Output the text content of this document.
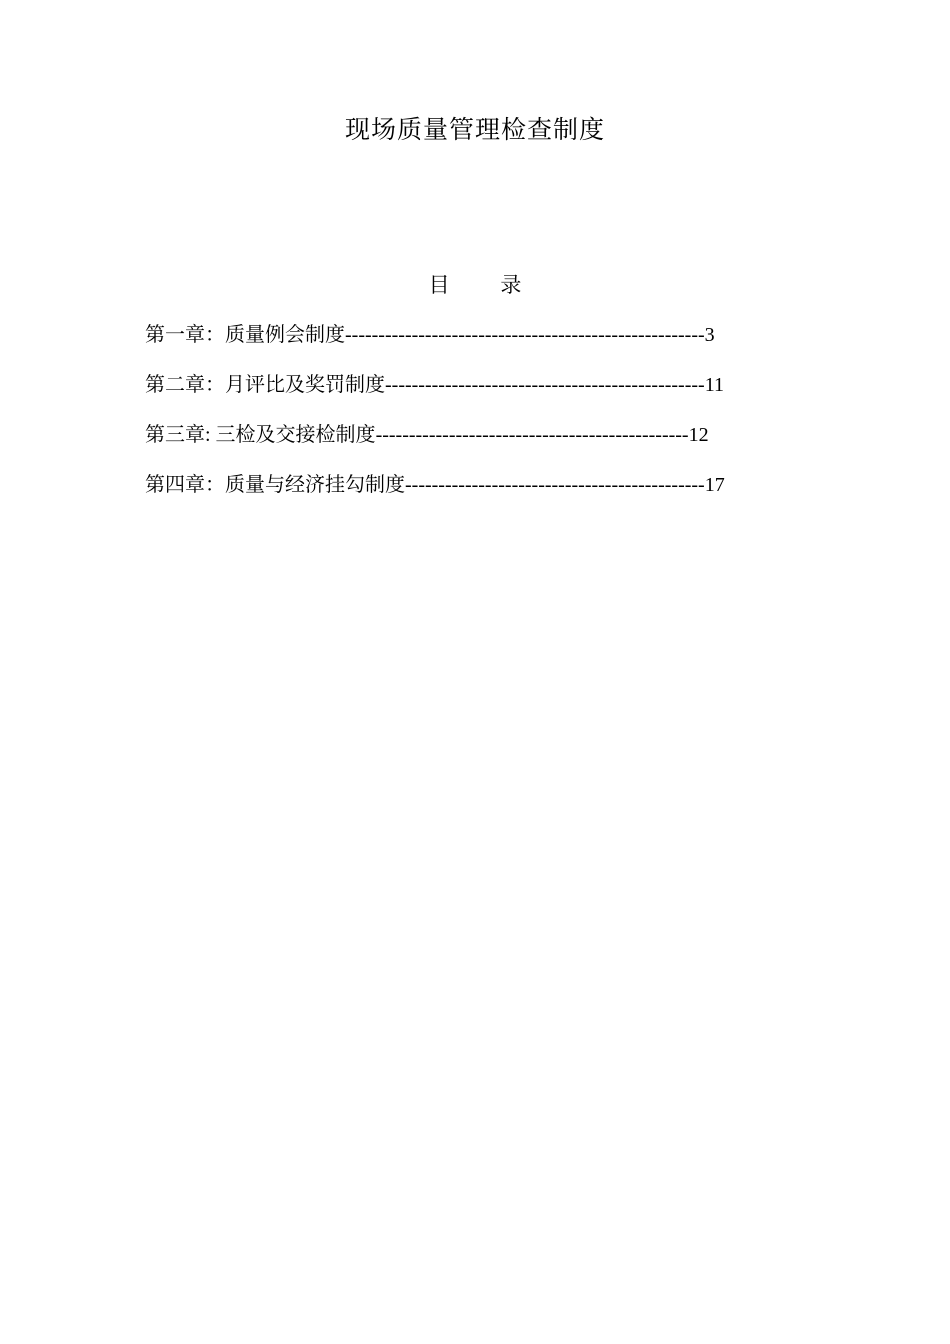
现场质量管理检查制度
目 录
第一章：质量例会制度------------------------------------------------------3
第二章：月评比及奖罚制度------------------------------------------------11
第三章: 三检及交接检制度-----------------------------------------------12
第四章：质量与经济挂勾制度---------------------------------------------17
